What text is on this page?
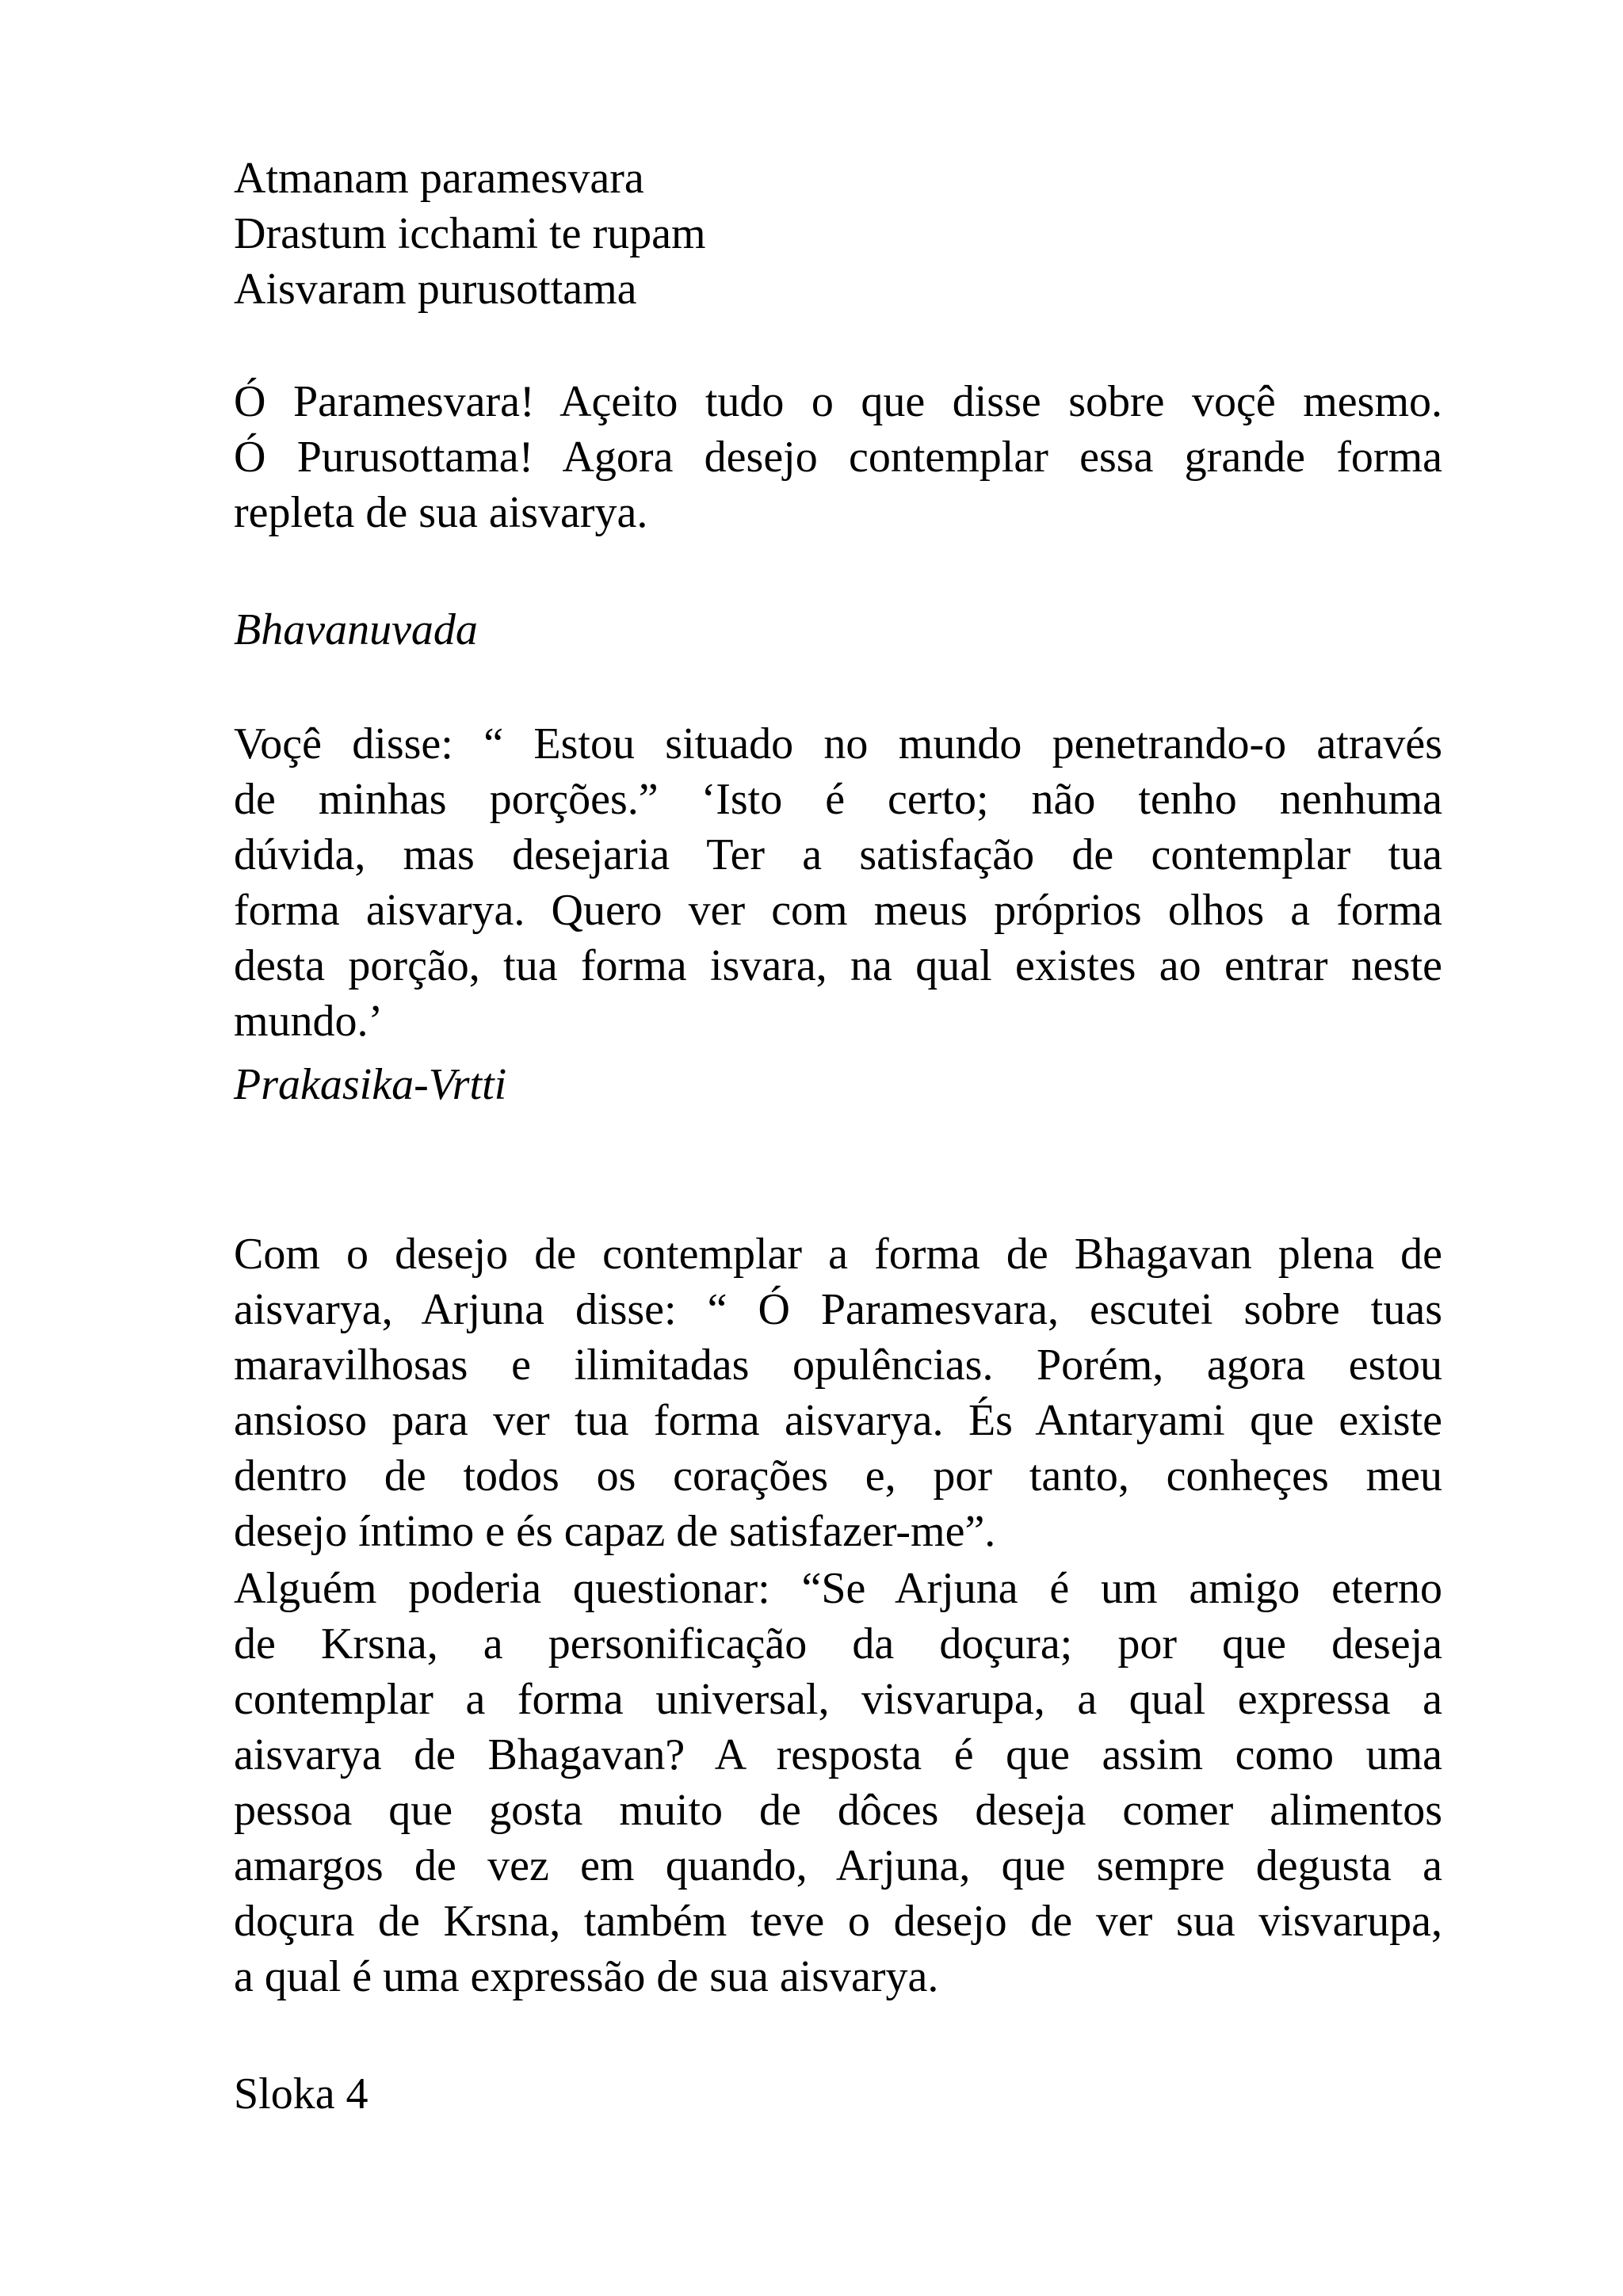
Atmanam paramesvara
Drastum icchami te rupam
Aisvaram purusottama
Ó Paramesvara! Açeito tudo o que disse sobre voçê mesmo.
Ó Purusottama! Agora desejo contemplar essa grande forma
repleta de sua aisvarya.
Bhavanuvada
Voçê disse: “ Estou situado no mundo penetrando-o através
de minhas porções.” ‘Isto é certo; não tenho nenhuma
dúvida, mas desejaria Ter a satisfação de contemplar tua
forma aisvarya. Quero ver com meus próprios olhos a forma
desta porção, tua forma isvara, na qual existes ao entrar neste
mundo.’
Prakasika-Vrtti
Com o desejo de contemplar a forma de Bhagavan plena de
aisvarya, Arjuna disse: “ Ó Paramesvara, escutei sobre tuas
maravilhosas e ilimitadas opulências. Porém, agora estou
ansioso para ver tua forma aisvarya. És Antaryami que existe
dentro de todos os corações e, por tanto, conheçes meu
desejo íntimo e és capaz de satisfazer-me”.
Alguém poderia questionar: “Se Arjuna é um amigo eterno
de Krsna, a personificação da doçura; por que deseja
contemplar a forma universal, visvarupa, a qual expressa a
aisvarya de Bhagavan? A resposta é que assim como uma
pessoa que gosta muito de dôces deseja comer alimentos
amargos de vez em quando, Arjuna, que sempre degusta a
doçura de Krsna, também teve o desejo de ver sua visvarupa,
a qual é uma expressão de sua aisvarya.
Sloka 4
